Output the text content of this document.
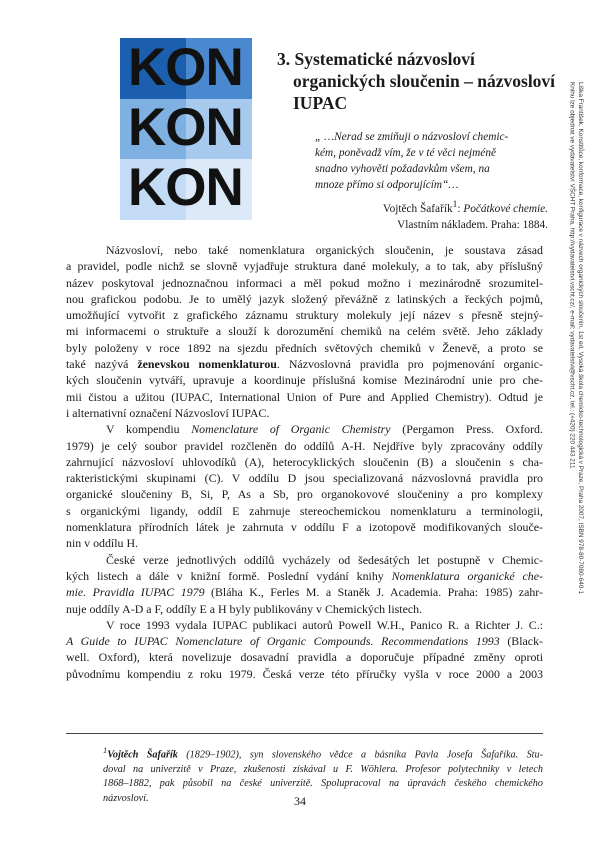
KON
KON
KON
3. Systematické názvosloví
organických sloučenin – názvosloví
IUPAC
„ …Nerad se zmiňuji o názvosloví chemic-
kém, poněvadž vím, že v té věci nejméně
snadno vyhověti požadavkům všem, na
mnoze přímo si odporujícím“…
Vojtěch Šafařík$^1$: Počátkové chemie.
Vlastním nákladem. Praha: 1884.	Liška František, Konstitůce, konformace, konfigurace v názvech organických sloučenin, 1st ed, Vysoká škola chemicko-technologická v Praze, Praha 2007, ISBN 978-80-7080-640-1
Knihu lze objednat ve vydavatelství VŠCHT Praha, http://vydavatelstvi.vscht.cz/, e-mail: vydavatelstvi@vscht.cz, tel.: (+420) 220 443 211
Názvosloví, nebo také nomenklatura organických sloučenin, je soustava zásad
a pravidel, podle nichž se slovně vyjadřuje struktura dané molekuly, a to tak, aby příslušný
název poskytoval jednoznačnou informaci a měl pokud možno i mezinárodně srozumitel-
nou grafickou podobu. Je to umělý jazyk složený převážně z latinských a řeckých pojmů,
umožňující vytvořit z grafického záznamu struktury molekuly její název s přesně stejný-
mi informacemi o struktuře a slouží k dorozumění chemiků na celém světě. Jeho základy
byly položeny v roce 1892 na sjezdu předních světových chemiků v Ženevě, a proto se
také nazývá ženevskou nomenklaturou. Názvoslovná pravidla pro pojmenování organic-
kých sloučenin vytváří, upravuje a koordinuje příslušná komise Mezinárodní unie pro che-
mii čistou a užitou (IUPAC, International Union of Pure and Applied Chemistry). Odtud je
i alternativní označení Názvosloví IUPAC.
V kompendiu Nomenclature of Organic Chemistry (Pergamon Press. Oxford.
1979) je celý soubor pravidel rozčleněn do oddílů A-H. Nejdříve byly zpracovány oddíly
zahrnující názvosloví uhlovodíků (A), heterocyklických sloučenin (B) a sloučenin s cha-
rakteristickými skupinami (C). V oddílu D jsou specializovaná názvoslovná pravidla pro
organické sloučeniny B, Si, P, As a Sb, pro organokovové sloučeniny a pro komplexy
s organickými ligandy, oddíl E zahrnuje stereochemickou nomenklaturu a terminologii,
nomenklatura přírodních látek je zahrnuta v oddílu F a izotopově modifikovaných slouče-
nin v oddílu H.
České verze jednotlivých oddílů vycházely od šedesátých let postupně v Chemic-
kých listech a dále v knižní formě. Poslední vydání knihy Nomenklatura organické che-
mie. Pravidla IUPAC 1979 (Bláha K., Ferles M. a Staněk J. Academia. Praha: 1985) zahr-
nuje oddíly A-D a F, oddíly E a H byly publikovány v Chemických listech.
V roce 1993 vydala IUPAC publikaci autorů Powell W.H., Panico R. a Richter J. C.:
A Guide to IUPAC Nomenclature of Organic Compounds. Recommendations 1993 (Black-
well. Oxford), která novelizuje dosavadní pravidla a doporučuje případné změny oproti
původnímu kompendiu z roku 1979. Česká verze této příručky vyšla v roce 2000 a 2003
$^1$Vojtěch Šafařík (1829–1902), syn slovenského vědce a básníka Pavla Josefa Šafaříka. Stu-
doval na univerzitě v Praze, zkušenosti získával u F. Wöhlera. Profesor polytechniky v letech
1868–1882, pak působil na české univerzitě. Spolupracoval na úpravách českého chemického
názvosloví.	34
